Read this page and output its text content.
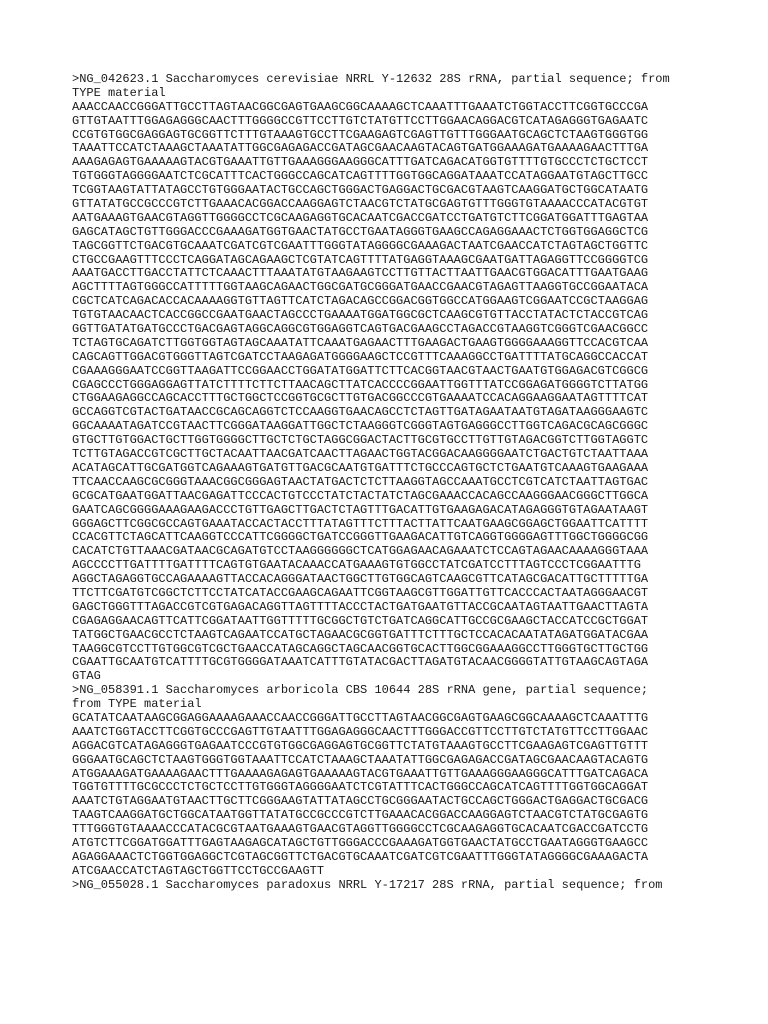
>NG_042623.1 Saccharomyces cerevisiae NRRL Y-12632 28S rRNA, partial sequence; from
TYPE material
AAACCAACCGGGATTGCCTTAGTAACGGCGAGTGAAGCGGCAAAAGCTCAAATTTGAAATCTGGTACCTTCGGTGCCCGA
GTTGTAATTTGGAGAGGGCAACTTTGGGGCCGTTCCTTGTCTATGTTCCTTGGAACAGGACGTCATAGAGGGTGAGAATC
CCGTGTGGCGAGGAGTGCGGTTCTTTGTAAAGTGCCTTCGAAGAGTCGAGTTGTTTGGGAATGCAGCTCTAAGTGGGTGG
TAAATTCCATCTAAAGCTAAATATTGGCGAGAGACCGATAGCGAACAAGTACAGTGATGGAAAGATGAAAAGAACTTTGA
AAAGAGAGTGAAAAAGTACGTGAAATTGTTGAAAGGGAAGGGCATTTGATCAGACATGGTGTTTTGTGCCCTCTGCTCCT
TGTGGGTAGGGGAATCTCGCATTTCACTGGGCCAGCATCAGTTTTGGTGGCAGGATAAATCCATAGGAATGTAGCTTGCC
TCGGTAAGTATTATAGCCTGTGGGAATACTGCCAGCTGGGACTGAGGACTGCGACGTAAGTCAAGGATGCTGGCATAATG
GTTATATGCCGCCCGTCTTGAAACACGGACCAAGGAGTCTAACGTCTATGCGAGTGTTTGGGTGTAAAACCCATACGTGT
AATGAAAGTGAACGTAGGTTGGGGCCTCGCAAGAGGTGCACAATCGACCGATCCTGATGTCTTCGGATGGATTTGAGTAA
GAGCATAGCTGTTGGGACCCGAAAGATGGTGAACTATGCCTGAATAGGGTGAAGCCAGAGGAAACTCTGGTGGAGGCTCG
TAGCGGTTCTGACGTGCAAATCGATCGTCGAATTTGGGTATAGGGGCGAAAGACTAATCGAACCATCTAGTAGCTGGTTC
CTGCCGAAGTTTCCCTCAGGATAGCAGAAGCTCGTATCAGTTTTATGAGGTAAAGCGAATGATTAGAGGTTCCGGGGTCG
AAATGACCTTGACCTATTCTCAAACTTTAAATATGTAAGAAGTCCTTGTTACTTAATTGAACGTGGACATTTGAATGAAG
AGCTTTTAGTGGGCCATTTTTGGTAAGCAGAACTGGCGATGCGGGATGAACCGAACGTAGAGTTAAGGTGCCGGAATACA
CGCTCATCAGACACCACAAAAGGTGTTAGTTCATCTAGACAGCCGGACGGTGGCCATGGAAGTCGGAATCCGCTAAGGAG
TGTGTAACAACTCACCGGCCGAATGAACTAGCCCTGAAAATGGATGGCGCTCAAGCGTGTTACCTATACTCTACCGTCAG
GGTTGATATGATGCCCTGACGAGTAGGCAGGCGTGGAGGTCAGTGACGAAGCCTAGACCGTAAGGTCGGGTCGAACGGCC
TCTAGTGCAGATCTTGGTGGTAGTAGCAAATATTCAAATGAGAACTTTGAAGACTGAAGTGGGGAAAGGTTCCACGTCAA
CAGCAGTTGGACGTGGGTTAGTCGATCCTAAGAGATGGGGAAGCTCCGTTTCAAAGGCCTGATTTTATGCAGGCCACCAT
CGAAAGGGAATCCGGTTAAGATTCCGGAACCTGGATATGGATTCTTCACGGTAACGTAACTGAATGTGGAGACGTCGGCG
CGAGCCCTGGGAGGAGTTATCTTTTCTTCTTAACAGCTTATCACCCCGGAATTGGTTTATCCGGAGATGGGGTCTTATGG
CTGGAAGAGGCCAGCACCTTTGCTGGCTCCGGTGCGCTTGTGACGGCCCGTGAAAATCCACAGGAAGGAATAGTTTTCAT
GCCAGGTCGTACTGATAACCGCAGCAGGTCTCCAAGGTGAACAGCCTCTAGTTGATAGAATAATGTAGATAAGGGAAGTC
GGCAAAATAGATCCGTAACTTCGGGATAAGGATTGGCTCTAAGGGTCGGGTAGTGAGGGCCTTGGTCAGACGCAGCGGGC
GTGCTTGTGGACTGCTTGGTGGGGCTTGCTCTGCTAGGCGGACTACTTGCGTGCCTTGTTGTAGACGGTCTTGGTAGGTC
TCTTGTAGACCGTCGCTTGCTACAATTAACGATCAACTTAGAACTGGTACGGACAAGGGGAATCTGACTGTCTAATTAAA
ACATAGCATTGCGATGGTCAGAAAGTGATGTTGACGCAATGTGATTTCTGCCCAGTGCTCTGAATGTCAAAGTGAAGAAA
TTCAACCAAGCGCGGGTAAACGGCGGGAGTAACTATGACTCTCTTAAGGTAGCCAAATGCCTCGTCATCTAATTAGTGAC
GCGCATGAATGGATTAACGAGATTCCCACTGTCCCTATCTACTATCTAGCGAAACCACAGCCAAGGGAACGGGCTTGGCA
GAATCAGCGGGGAAAGAAGACCCTGTTGAGCTTGACTCTAGTTTGACATTGTGAAGAGACATAGAGGGTGTAGAATAAGT
GGGAGCTTCGGCGCCAGTGAAATACCACTACCTTTATAGTTTCTTTACTTATTCAATGAAGCGGAGCTGGAATTCATTTT
CCACGTTCTAGCATTCAAGGTCCCATTCGGGGCTGATCCGGGTTGAAGACATTGTCAGGTGGGGAGTTTGGCTGGGGCGG
CACATCTGTTAAACGATAACGCAGATGTCCTAAGGGGGGCTCATGGAGAACAGAAATCTCCAGTAGAACAAAAGGGTAAA
AGCCCCTTGATTTTGATTTTCAGTGTGAATACAAACCATGAAAGTGTGGCCTATCGATCCTTTAGTCCCTCGGAATTTG
AGGCTAGAGGTGCCAGAAAAGTTACCACAGGGATAACTGGCTTGTGGCAGTCAAGCGTTCATAGCGACATTGCTTTTTGA
TTCTTCGATGTCGGCTCTTCCTATCATACCGAAGCAGAATTCGGTAAGCGTTGGATTGTTCACCCACTAATAGGGAACGT
GAGCTGGGTTTAGACCGTCGTGAGACAGGTTAGTTTTACCCTACTGATGAATGTTACCGCAATAGTAATTGAACTTAGTA
CGAGAGGAACAGTTCATTCGGATAATTGGTTTTTGCGGCTGTCTGATCAGGCATTGCCGCGAAGCTACCATCCGCTGGAT
TATGGCTGAACGCCTCTAAGTCAGAATCCATGCTAGAACGCGGTGATTTCTTTGCTCCACACAATATAGATGGATACGAA
TAAGGCGTCCTTGTGGCGTCGCTGAACCATAGCAGGCTAGCAACGGTGCACTTGGCGGAAAGGCCTTGGGTGCTTGCTGG
CGAATTGCAATGTCATTTTGCGTGGGGATAAATCATTTGTATACGACTTAGATGTACAACGGGGTATTGTAAGCAGTAGA
GTAG
>NG_058391.1 Saccharomyces arboricola CBS 10644 28S rRNA gene, partial sequence;
from TYPE material
GCATATCAATAAGCGGAGGAAAAGAAACCAACCGGGATTGCCTTAGTAACGGCGAGTGAAGCGGCAAAAGCTCAAATTTG
AAATCTGGTACCTTCGGTGCCCGAGTTGTAATTTGGAGAGGGCAACTTTGGGACCGTTCCTTGTCTATGTTCCTTGGAAC
AGGACGTCATAGAGGGTGAGAATCCCGTGTGGCGAGGAGTGCGGTTCTATGTAAAGTGCCTTCGAAGAGTCGAGTTGTTT
GGGAATGCAGCTCTAAGTGGGTGGTAAATTCCATCTAAAGCTAAATATTGGCGAGAGACCGATAGCGAACAAGTACAGTG
ATGGAAAGATGAAAAGAACTTTGAAAAGAGAGTGAAAAAGTACGTGAAATTGTTGAAAGGGAAGGGCATTTGATCAGACA
TGGTGTTTTGCGCCCTCTGCTCCTTGTGGGTAGGGGAATCTCGTATTTCACTGGGCCAGCATCAGTTTTGGTGGCAGGAT
AAATCTGTAGGAATGTAACTTGCTTCGGGAAGTATTATAGCCTGCGGGAATACTGCCAGCTGGGACTGAGGACTGCGACG
TAAGTCAAGGATGCTGGCATAATGGTTATATGCCGCCCGTCTTGAAACACGGACCAAGGAGTCTAACGTCTATGCGAGTG
TTTGGGTGTAAAACCCATACGCGTAATGAAAGTGAACGTAGGTTGGGGCCTCGCAAGAGGTGCACAATCGACCGATCCTG
ATGTCTTCGGATGGATTTGAGTAAGAGCATAGCTGTTGGGACCCGAAAGATGGTGAACTATGCCTGAATAGGGTGAAGCC
AGAGGAAACTCTGGTGGAGGCTCGTAGCGGTTCTGACGTGCAAATCGATCGTCGAATTTGGGTATAGGGGCGAAAGACTA
ATCGAACCATCTAGTAGCTGGTTCCTGCCGAAGTT
>NG_055028.1 Saccharomyces paradoxus NRRL Y-17217 28S rRNA, partial sequence; from
